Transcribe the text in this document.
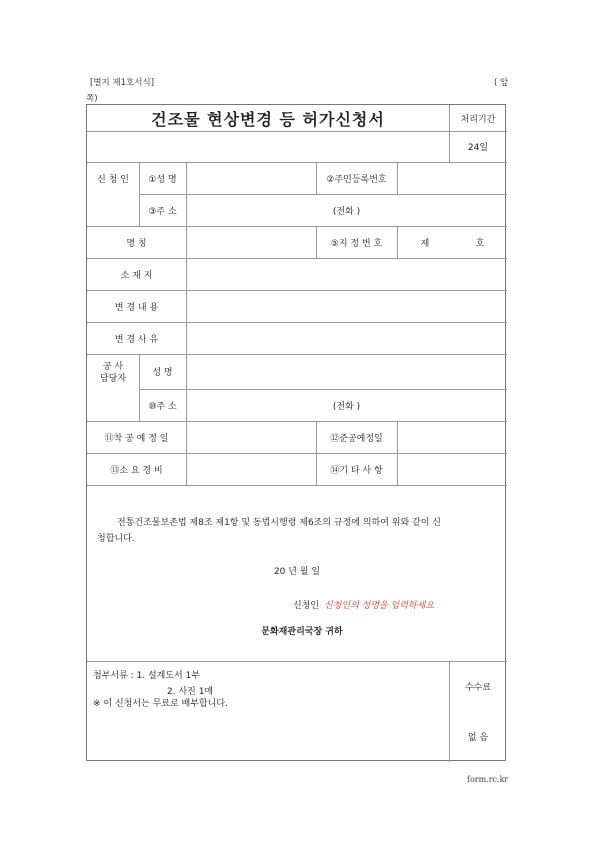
[별지 제1호서식]	( 앞
쪽)
건조물 현상변경 등 허가신청서	처리기간
24일
신 청 인	①성 명	②주민등록번호
③주 소	(전화 )
명 칭	⑤지 정 번 호	제	호
소 재 지
변 경 내 용
변 경 사 유
공 사
담당자
성 명
⑩주 소	(전화 )
⑪착 공 예 정 일	⑫준공예정일
⑬소 요 경 비	⑭기 타 사 항
전통건조물보존법 제8조 제1항 및 동법시행령 제6조의 규정에 의하여 위와 같이 신
청합니다.
20 년 월 일
신청인 신청인의 성명을 입력하세요
문화재관리국장 귀하
첨부서류 : 1. 설계도서 1부
2. 사진 1매
※ 이 신청서는 무료로 배부합니다.
수수료
없 음
form.rc.kr
